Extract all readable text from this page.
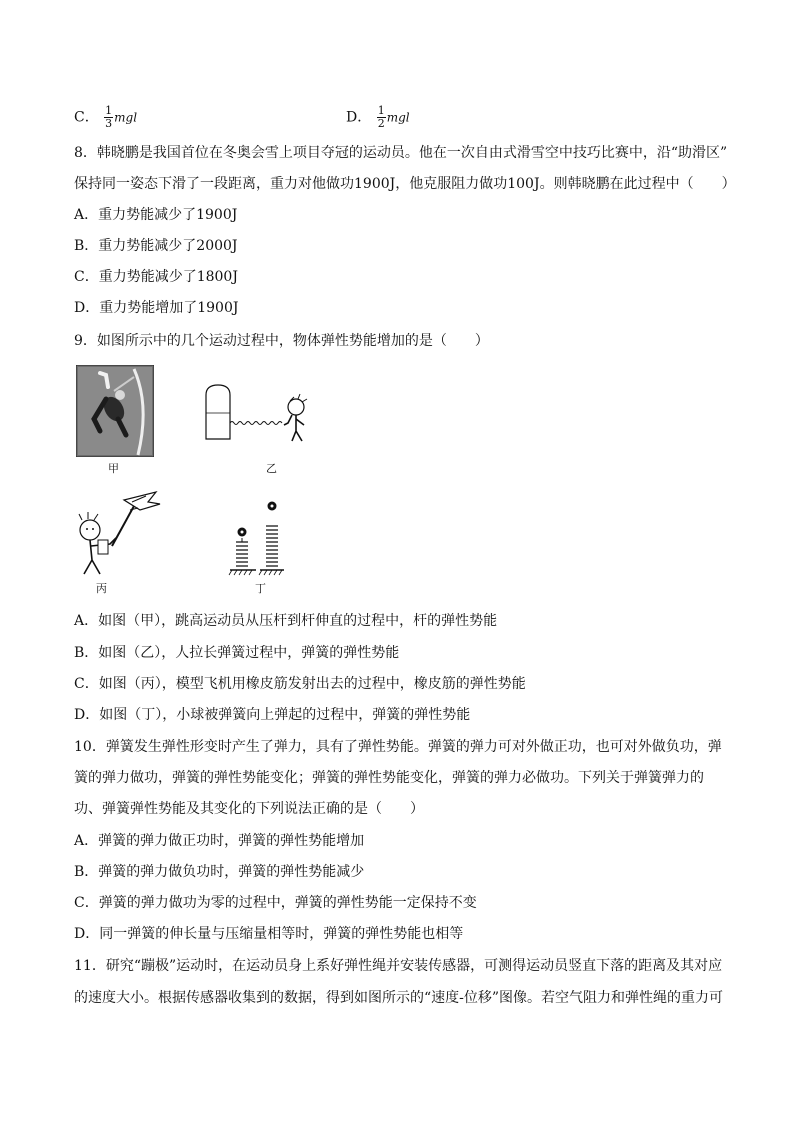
C． $\frac{1}{3}$ mgl	D． $\frac{1}{2}$ mgl
8．韩晓鹏是我国首位在冬奥会雪上项目夺冠的运动员。他在一次自由式滑雪空中技巧比赛中，沿“助滑区”
保持同一姿态下滑了一段距离，重力对他做功1900J，他克服阻力做功100J。则韩晓鹏在此过程中（　　）
A．重力势能减少了1900J
B．重力势能减少了2000J
C．重力势能减少了1800J
D．重力势能增加了1900J
9．如图所示中的几个运动过程中，物体弹性势能增加的是（　　）
甲	乙
丙	丁
A．如图（甲），跳高运动员从压杆到杆伸直的过程中，杆的弹性势能
B．如图（乙），人拉长弹簧过程中，弹簧的弹性势能
C．如图（丙），模型飞机用橡皮筋发射出去的过程中，橡皮筋的弹性势能
D．如图（丁），小球被弹簧向上弹起的过程中，弹簧的弹性势能
10．弹簧发生弹性形变时产生了弹力，具有了弹性势能。弹簧的弹力可对外做正功，也可对外做负功，弹
簧的弹力做功，弹簧的弹性势能变化；弹簧的弹性势能变化，弹簧的弹力必做功。下列关于弹簧弹力的
功、弹簧弹性势能及其变化的下列说法正确的是（　　）
A．弹簧的弹力做正功时，弹簧的弹性势能增加
B．弹簧的弹力做负功时，弹簧的弹性势能减少
C．弹簧的弹力做功为零的过程中，弹簧的弹性势能一定保持不变
D．同一弹簧的伸长量与压缩量相等时，弹簧的弹性势能也相等
11．研究“蹦极”运动时，在运动员身上系好弹性绳并安装传感器，可测得运动员竖直下落的距离及其对应
的速度大小。根据传感器收集到的数据，得到如图所示的“速度-位移”图像。若空气阻力和弹性绳的重力可
